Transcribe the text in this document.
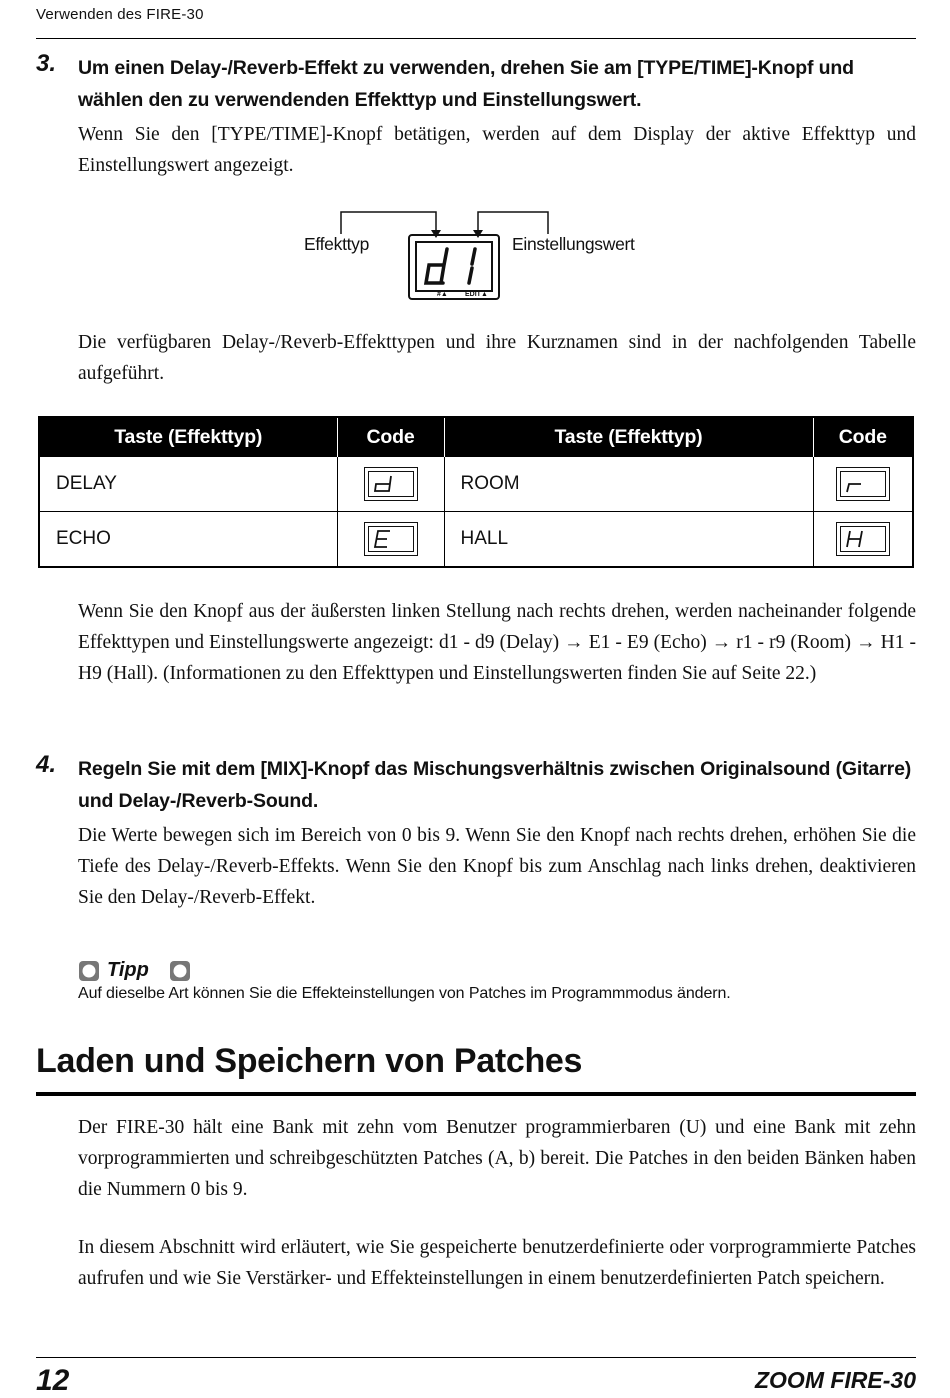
Verwenden des FIRE-30
3. Um einen Delay-/Reverb-Effekt zu verwenden, drehen Sie am [TYPE/TIME]-Knopf und wählen den zu verwendenden Effekttyp und Einstellungswert.
Wenn Sie den [TYPE/TIME]-Knopf betätigen, werden auf dem Display der aktive Effekttyp und Einstellungswert angezeigt.
Effekttyp	Einstellungswert
#▲ EDIT▲
Die verfügbaren Delay-/Reverb-Effekttypen und ihre Kurznamen sind in der nachfolgenden Tabelle aufgeführt.
Taste (Effekttyp)	Code	Taste (Effekttyp)	Code
DELAY		ROOM	

ECHO		HALL	
Wenn Sie den Knopf aus der äußersten linken Stellung nach rechts drehen, werden nacheinander folgende Effekttypen und Einstellungswerte angezeigt: d1 - d9 (Delay) → E1 - E9 (Echo) → r1 - r9 (Room) → H1 - H9 (Hall). (Informationen zu den Effekttypen und Einstellungswerten finden Sie auf Seite 22.)
4. Regeln Sie mit dem [MIX]-Knopf das Mischungsverhältnis zwischen Originalsound (Gitarre) und Delay-/Reverb-Sound.
Die Werte bewegen sich im Bereich von 0 bis 9. Wenn Sie den Knopf nach rechts drehen, erhöhen Sie die Tiefe des Delay-/Reverb-Effekts. Wenn Sie den Knopf bis zum Anschlag nach links drehen, deaktivieren Sie den Delay-/Reverb-Effekt.
Tipp
Auf dieselbe Art können Sie die Effekteinstellungen von Patches im Programmmodus ändern.
Laden und Speichern von Patches
Der FIRE-30 hält eine Bank mit zehn vom Benutzer programmierbaren (U) und eine Bank mit zehn vorprogrammierten und schreibgeschützten Patches (A, b) bereit. Die Patches in den beiden Bänken haben die Nummern 0 bis 9.
In diesem Abschnitt wird erläutert, wie Sie gespeicherte benutzerdefinierte oder vorprogrammierte Patches aufrufen und wie Sie Verstärker- und Effekteinstellungen in einem benutzerdefinierten Patch speichern.
12	ZOOM FIRE-30
